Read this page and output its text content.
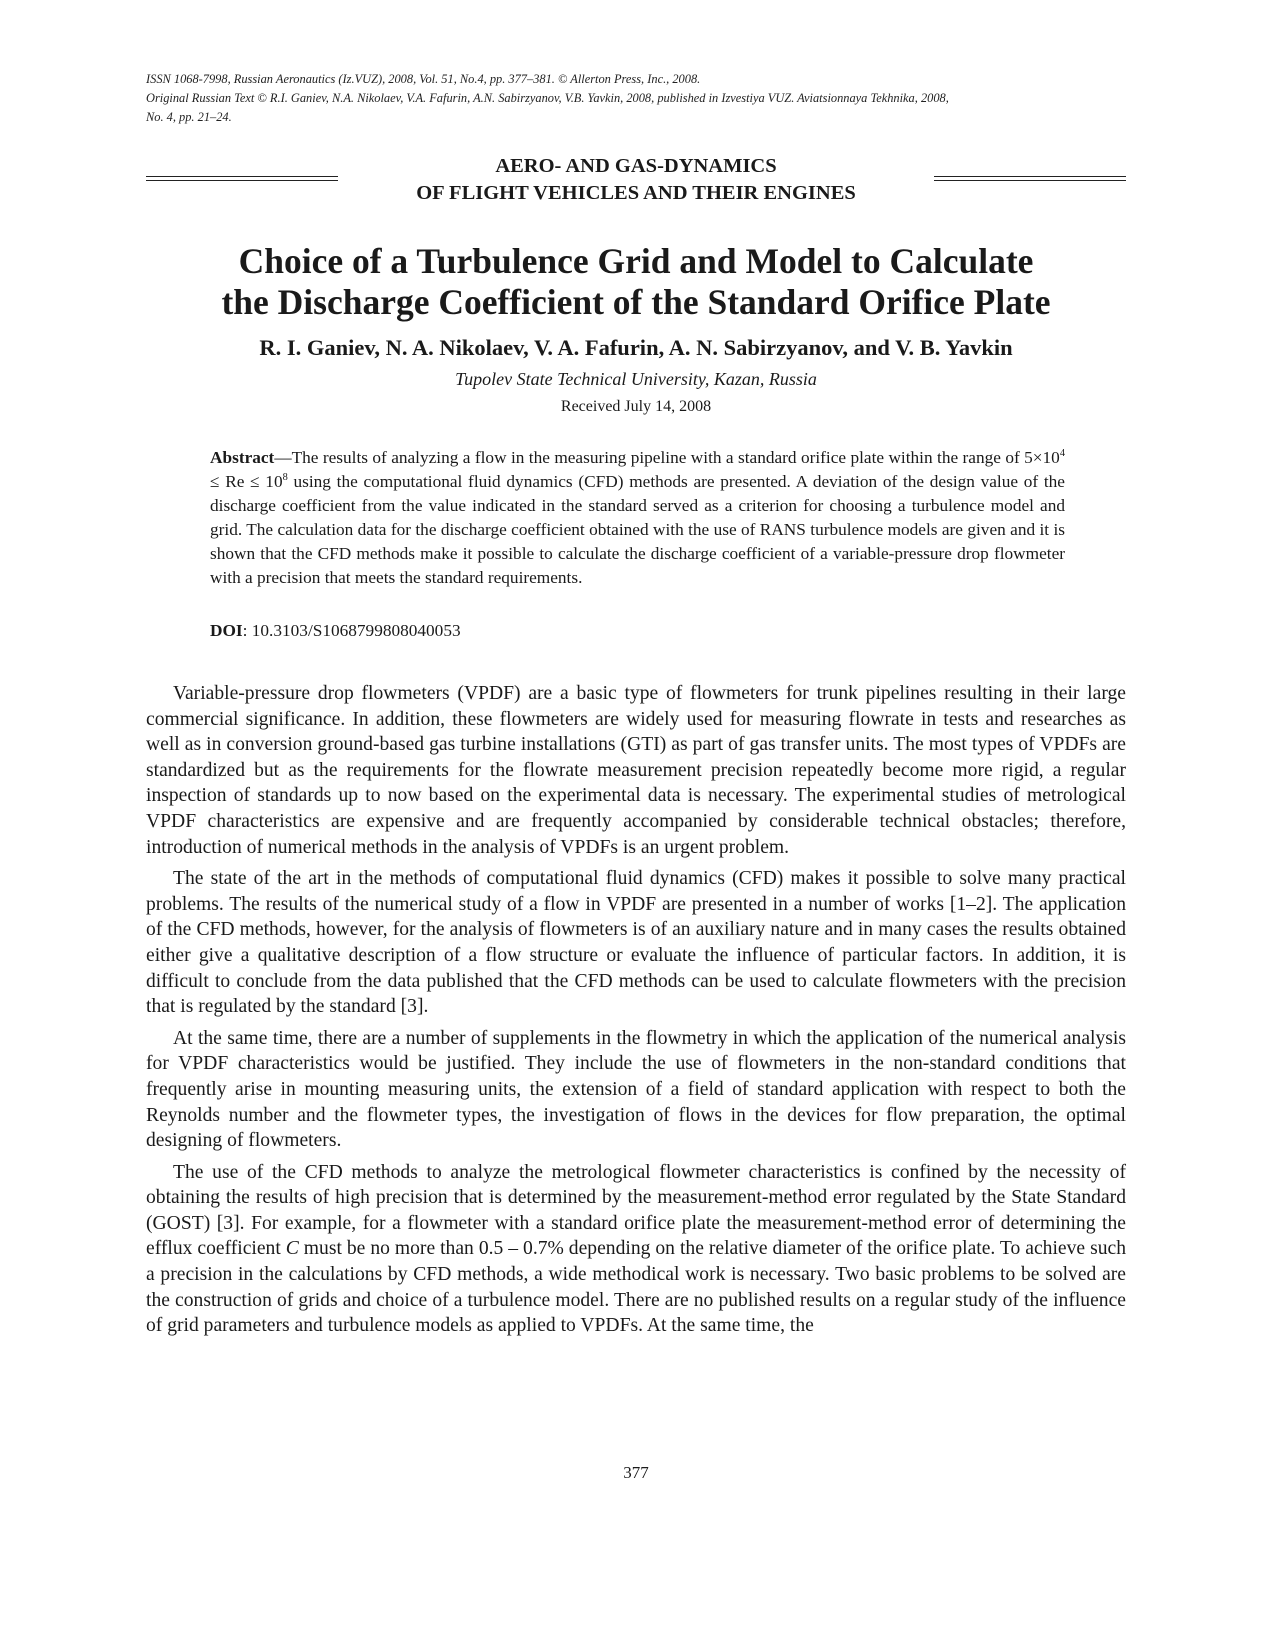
ISSN 1068-7998, Russian Aeronautics (Iz.VUZ), 2008, Vol. 51, No.4, pp. 377–381. © Allerton Press, Inc., 2008.
Original Russian Text © R.I. Ganiev, N.A. Nikolaev, V.A. Fafurin, A.N. Sabirzyanov, V.B. Yavkin, 2008, published in Izvestiya VUZ. Aviatsionnaya Tekhnika, 2008,
No. 4, pp. 21–24.
AERO- AND GAS-DYNAMICS
OF FLIGHT VEHICLES AND THEIR ENGINES
Choice of a Turbulence Grid and Model to Calculate
the Discharge Coefficient of the Standard Orifice Plate
R. I. Ganiev, N. A. Nikolaev, V. A. Fafurin, A. N. Sabirzyanov, and V. B. Yavkin
Tupolev State Technical University, Kazan, Russia
Received July 14, 2008

Abstract—The results of analyzing a flow in the measuring pipeline with a standard orifice plate within the range of $5\times 10^4 \le Re \le 10^8$ using the computational fluid dynamics (CFD) methods are presented. A deviation of the design value of the discharge coefficient from the value indicated in the standard served as a criterion for choosing a turbulence model and grid. The calculation data for the discharge coefficient obtained with the use of RANS turbulence models are given and it is shown that the CFD methods make it possible to calculate the discharge coefficient of a variable-pressure drop flowmeter with a precision that meets the standard requirements.

DOI: 10.3103/S1068799808040053

Variable-pressure drop flowmeters (VPDF) are a basic type of flowmeters for trunk pipelines resulting in their large commercial significance. In addition, these flowmeters are widely used for measuring flowrate in tests and researches as well as in conversion ground-based gas turbine installations (GTI) as part of gas transfer units. The most types of VPDFs are standardized but as the requirements for the flowrate measurement precision repeatedly become more rigid, a regular inspection of standards up to now based on the experimental data is necessary. The experimental studies of metrological VPDF characteristics are expensive and are frequently accompanied by considerable technical obstacles; therefore, introduction of numerical methods in the analysis of VPDFs is an urgent problem.

The state of the art in the methods of computational fluid dynamics (CFD) makes it possible to solve many practical problems. The results of the numerical study of a flow in VPDF are presented in a number of works [1–2]. The application of the CFD methods, however, for the analysis of flowmeters is of an auxiliary nature and in many cases the results obtained either give a qualitative description of a flow structure or evaluate the influence of particular factors. In addition, it is difficult to conclude from the data published that the CFD methods can be used to calculate flowmeters with the precision that is regulated by the standard [3].

At the same time, there are a number of supplements in the flowmetry in which the application of the numerical analysis for VPDF characteristics would be justified. They include the use of flowmeters in the non-standard conditions that frequently arise in mounting measuring units, the extension of a field of standard application with respect to both the Reynolds number and the flowmeter types, the investigation of flows in the devices for flow preparation, the optimal designing of flowmeters.

The use of the CFD methods to analyze the metrological flowmeter characteristics is confined by the necessity of obtaining the results of high precision that is determined by the measurement-method error regulated by the State Standard (GOST) [3]. For example, for a flowmeter with a standard orifice plate the measurement-method error of determining the efflux coefficient C must be no more than 0.5 – 0.7% depending on the relative diameter of the orifice plate. To achieve such a precision in the calculations by CFD methods, a wide methodical work is necessary. Two basic problems to be solved are the construction of grids and choice of a turbulence model. There are no published results on a regular study of the influence of grid parameters and turbulence models as applied to VPDFs. At the same time, the

377
